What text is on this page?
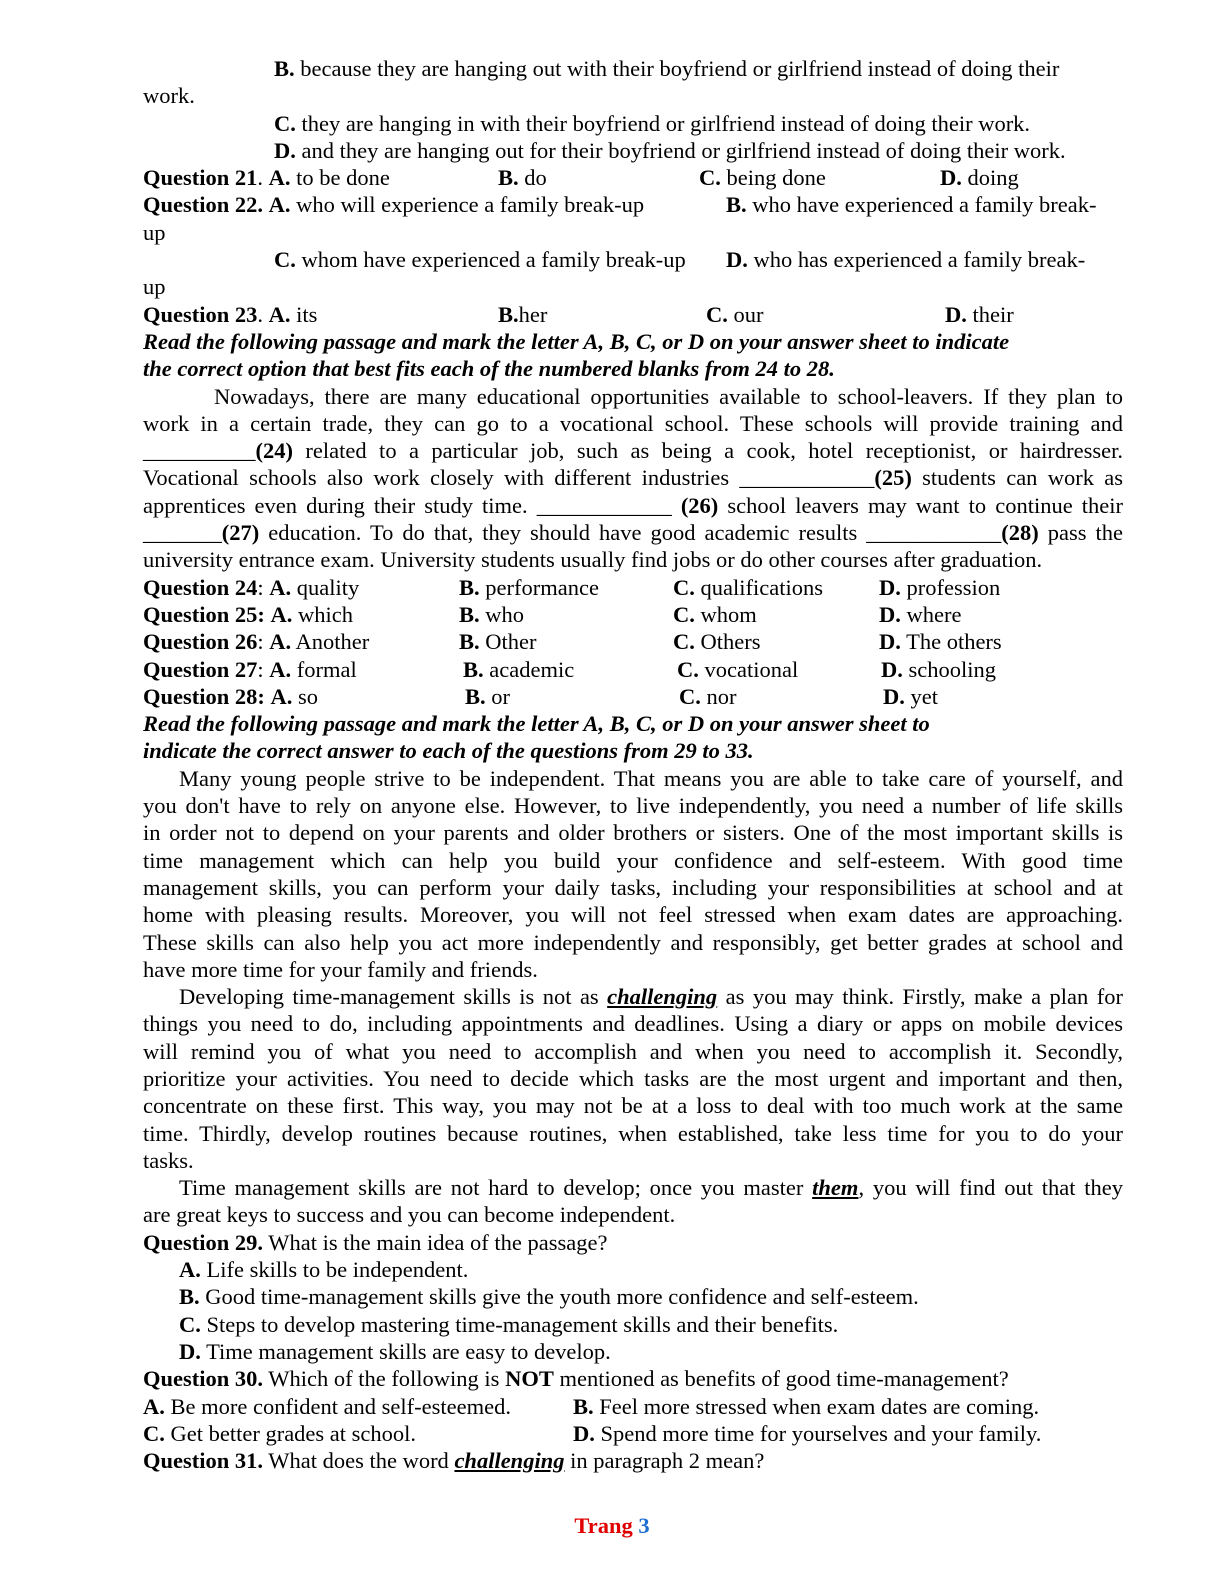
B. because they are hanging out with their boyfriend or girlfriend instead of doing their
work.
C. they are hanging in with their boyfriend or girlfriend instead of doing their work.
D. and they are hanging out for their boyfriend or girlfriend instead of doing their work.
Question 21. A. to be done	B. do	C. being done	D. doing
Question 22. A. who will experience a family break-up	B. who have experienced a family break-
up
C. whom have experienced a family break-up D. who has experienced a family break-
up
Question 23. A. its	B.her	C. our	D. their
Read the following passage and mark the letter A, B, C, or D on your answer sheet to indicate
the correct option that best fits each of the numbered blanks from 24 to 28.
Nowadays, there are many educational opportunities available to school-leavers. If they plan to
work in a certain trade, they can go to a vocational school. These schools will provide training and
__________(24) related to a particular job, such as being a cook, hotel receptionist, or hairdresser.
Vocational schools also work closely with different industries ____________(25) students can work as
apprentices even during their study time. ____________ (26) school leavers may want to continue their
_______(27) education. To do that, they should have good academic results ____________(28) pass the
university entrance exam. University students usually find jobs or do other courses after graduation.
Question 24: A. quality	B. performance	C. qualifications D. profession
Question 25: A. which	B. who	C. whom	D. where
Question 26: A. Another	B. Other	C. Others	D. The others
Question 27: A. formal	B. academic	C. vocational	D. schooling
Question 28: A. so	B. or	C. nor	D. yet
Read the following passage and mark the letter A, B, C, or D on your answer sheet to
indicate the correct answer to each of the questions from 29 to 33.
Many young people strive to be independent. That means you are able to take care of yourself, and
you don't have to rely on anyone else. However, to live independently, you need a number of life skills
in order not to depend on your parents and older brothers or sisters. One of the most important skills is
time management which can help you build your confidence and self-esteem. With good time
management skills, you can perform your daily tasks, including your responsibilities at school and at
home with pleasing results. Moreover, you will not feel stressed when exam dates are approaching.
These skills can also help you act more independently and responsibly, get better grades at school and
have more time for your family and friends.
Developing time-management skills is not as challenging as you may think. Firstly, make a plan for
things you need to do, including appointments and deadlines. Using a diary or apps on mobile devices
will remind you of what you need to accomplish and when you need to accomplish it. Secondly,
prioritize your activities. You need to decide which tasks are the most urgent and important and then,
concentrate on these first. This way, you may not be at a loss to deal with too much work at the same
time. Thirdly, develop routines because routines, when established, take less time for you to do your
tasks.
Time management skills are not hard to develop; once you master them, you will find out that they
are great keys to success and you can become independent.
Question 29. What is the main idea of the passage?
A. Life skills to be independent.
B. Good time-management skills give the youth more confidence and self-esteem.
C. Steps to develop mastering time-management skills and their benefits.
D. Time management skills are easy to develop.
Question 30. Which of the following is NOT mentioned as benefits of good time-management?
A. Be more confident and self-esteemed.	B. Feel more stressed when exam dates are coming.
C. Get better grades at school.	D. Spend more time for yourselves and your family.
Question 31. What does the word challenging in paragraph 2 mean?
Trang 3
